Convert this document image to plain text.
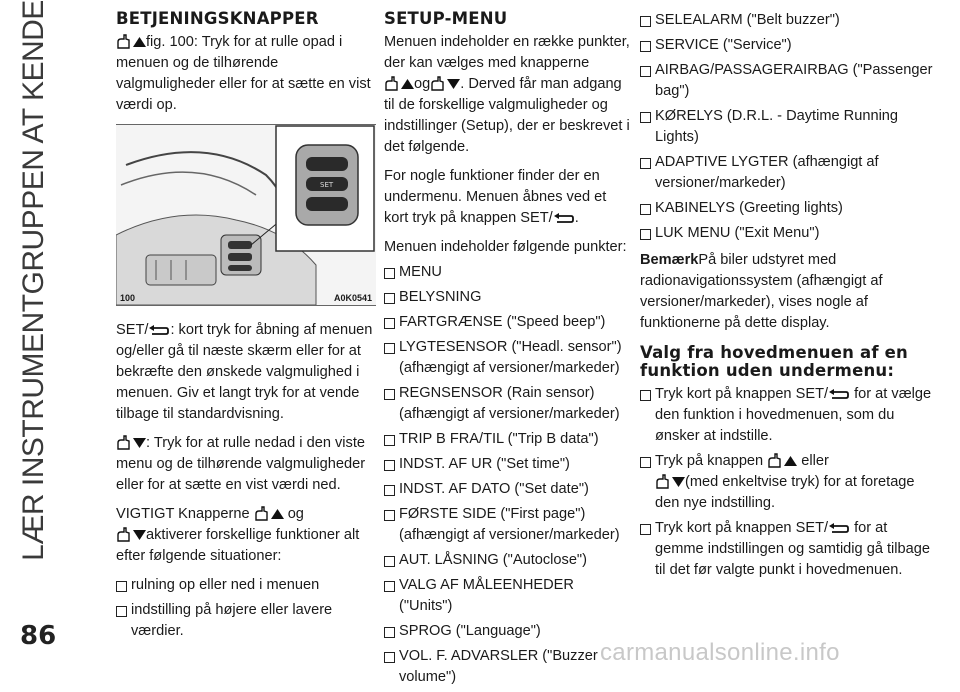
LÆR INSTRUMENTGRUPPEN AT KENDE	BETJENINGSKNAPPER

fig. 100: Tryk for at rulle opad i menuen og de tilhørende valgmuligheder eller for at sætte en vist værdi op.

SET
100	A0K0541

SET/ : kort tryk for åbning af menuen og/eller gå til næste skærm eller for at bekræfte den ønskede valgmulighed i menuen. Giv et langt tryk for at vende tilbage til standardvisning.

: Tryk for at rulle nedad i den viste menu og de tilhørende valgmuligheder eller for at sætte en vist værdi ned.

VIGTIGT Knapperne  og
aktiverer forskellige funktioner alt efter følgende situationer:

rulning op eller ned i menuen
indstilling på højere eller lavere værdier.
SETUP-MENU

Menuen indeholder en række punkter, der kan vælges med knapperne
og . Derved får man adgang til de forskellige valgmuligheder og indstillinger (Setup), der er beskrevet i det følgende.

For nogle funktioner finder der en undermenu. Menuen åbnes ved et kort tryk på knappen SET/ .

Menuen indeholder følgende punkter:

MENU
BELYSNING
FARTGRÆNSE ("Speed beep")
LYGTESENSOR ("Headl. sensor") (afhængigt af versioner/markeder)
REGNSENSOR (Rain sensor) (afhængigt af versioner/markeder)
TRIP B FRA/TIL ("Trip B data")
INDST. AF UR ("Set time")
INDST. AF DATO ("Set date")
FØRSTE SIDE ("First page") (afhængigt af versioner/markeder)
AUT. LÅSNING ("Autoclose")
VALG AF MÅLEENHEDER ("Units")
SPROG ("Language")
VOL. F. ADVARSLER ("Buzzer volume")
SELEALARM ("Belt buzzer")
SERVICE ("Service")
AIRBAG/PASSAGERAIRBAG ("Passenger bag")
KØRELYS (D.R.L. - Daytime Running Lights)
ADAPTIVE LYGTER (afhængigt af versioner/markeder)
KABINELYS (Greeting lights)
LUK MENU ("Exit Menu")

BemærkPå biler udstyret med radionavigationssystem (afhængigt af versioner/markeder), vises nogle af funktionerne på dette display.

Valg fra hovedmenuen af en funktion uden undermenu:
Tryk kort på knappen SET/ for at vælge den funktion i hovedmenuen, som du ønsker at indstille.
Tryk på knappen  eller
(med enkeltvise tryk) for at foretage den nye indstilling.
Tryk kort på knappen SET/ for at gemme indstillingen og samtidig gå tilbage til det før valgte punkt i hovedmenuen.
86
carmanualsonline.info
